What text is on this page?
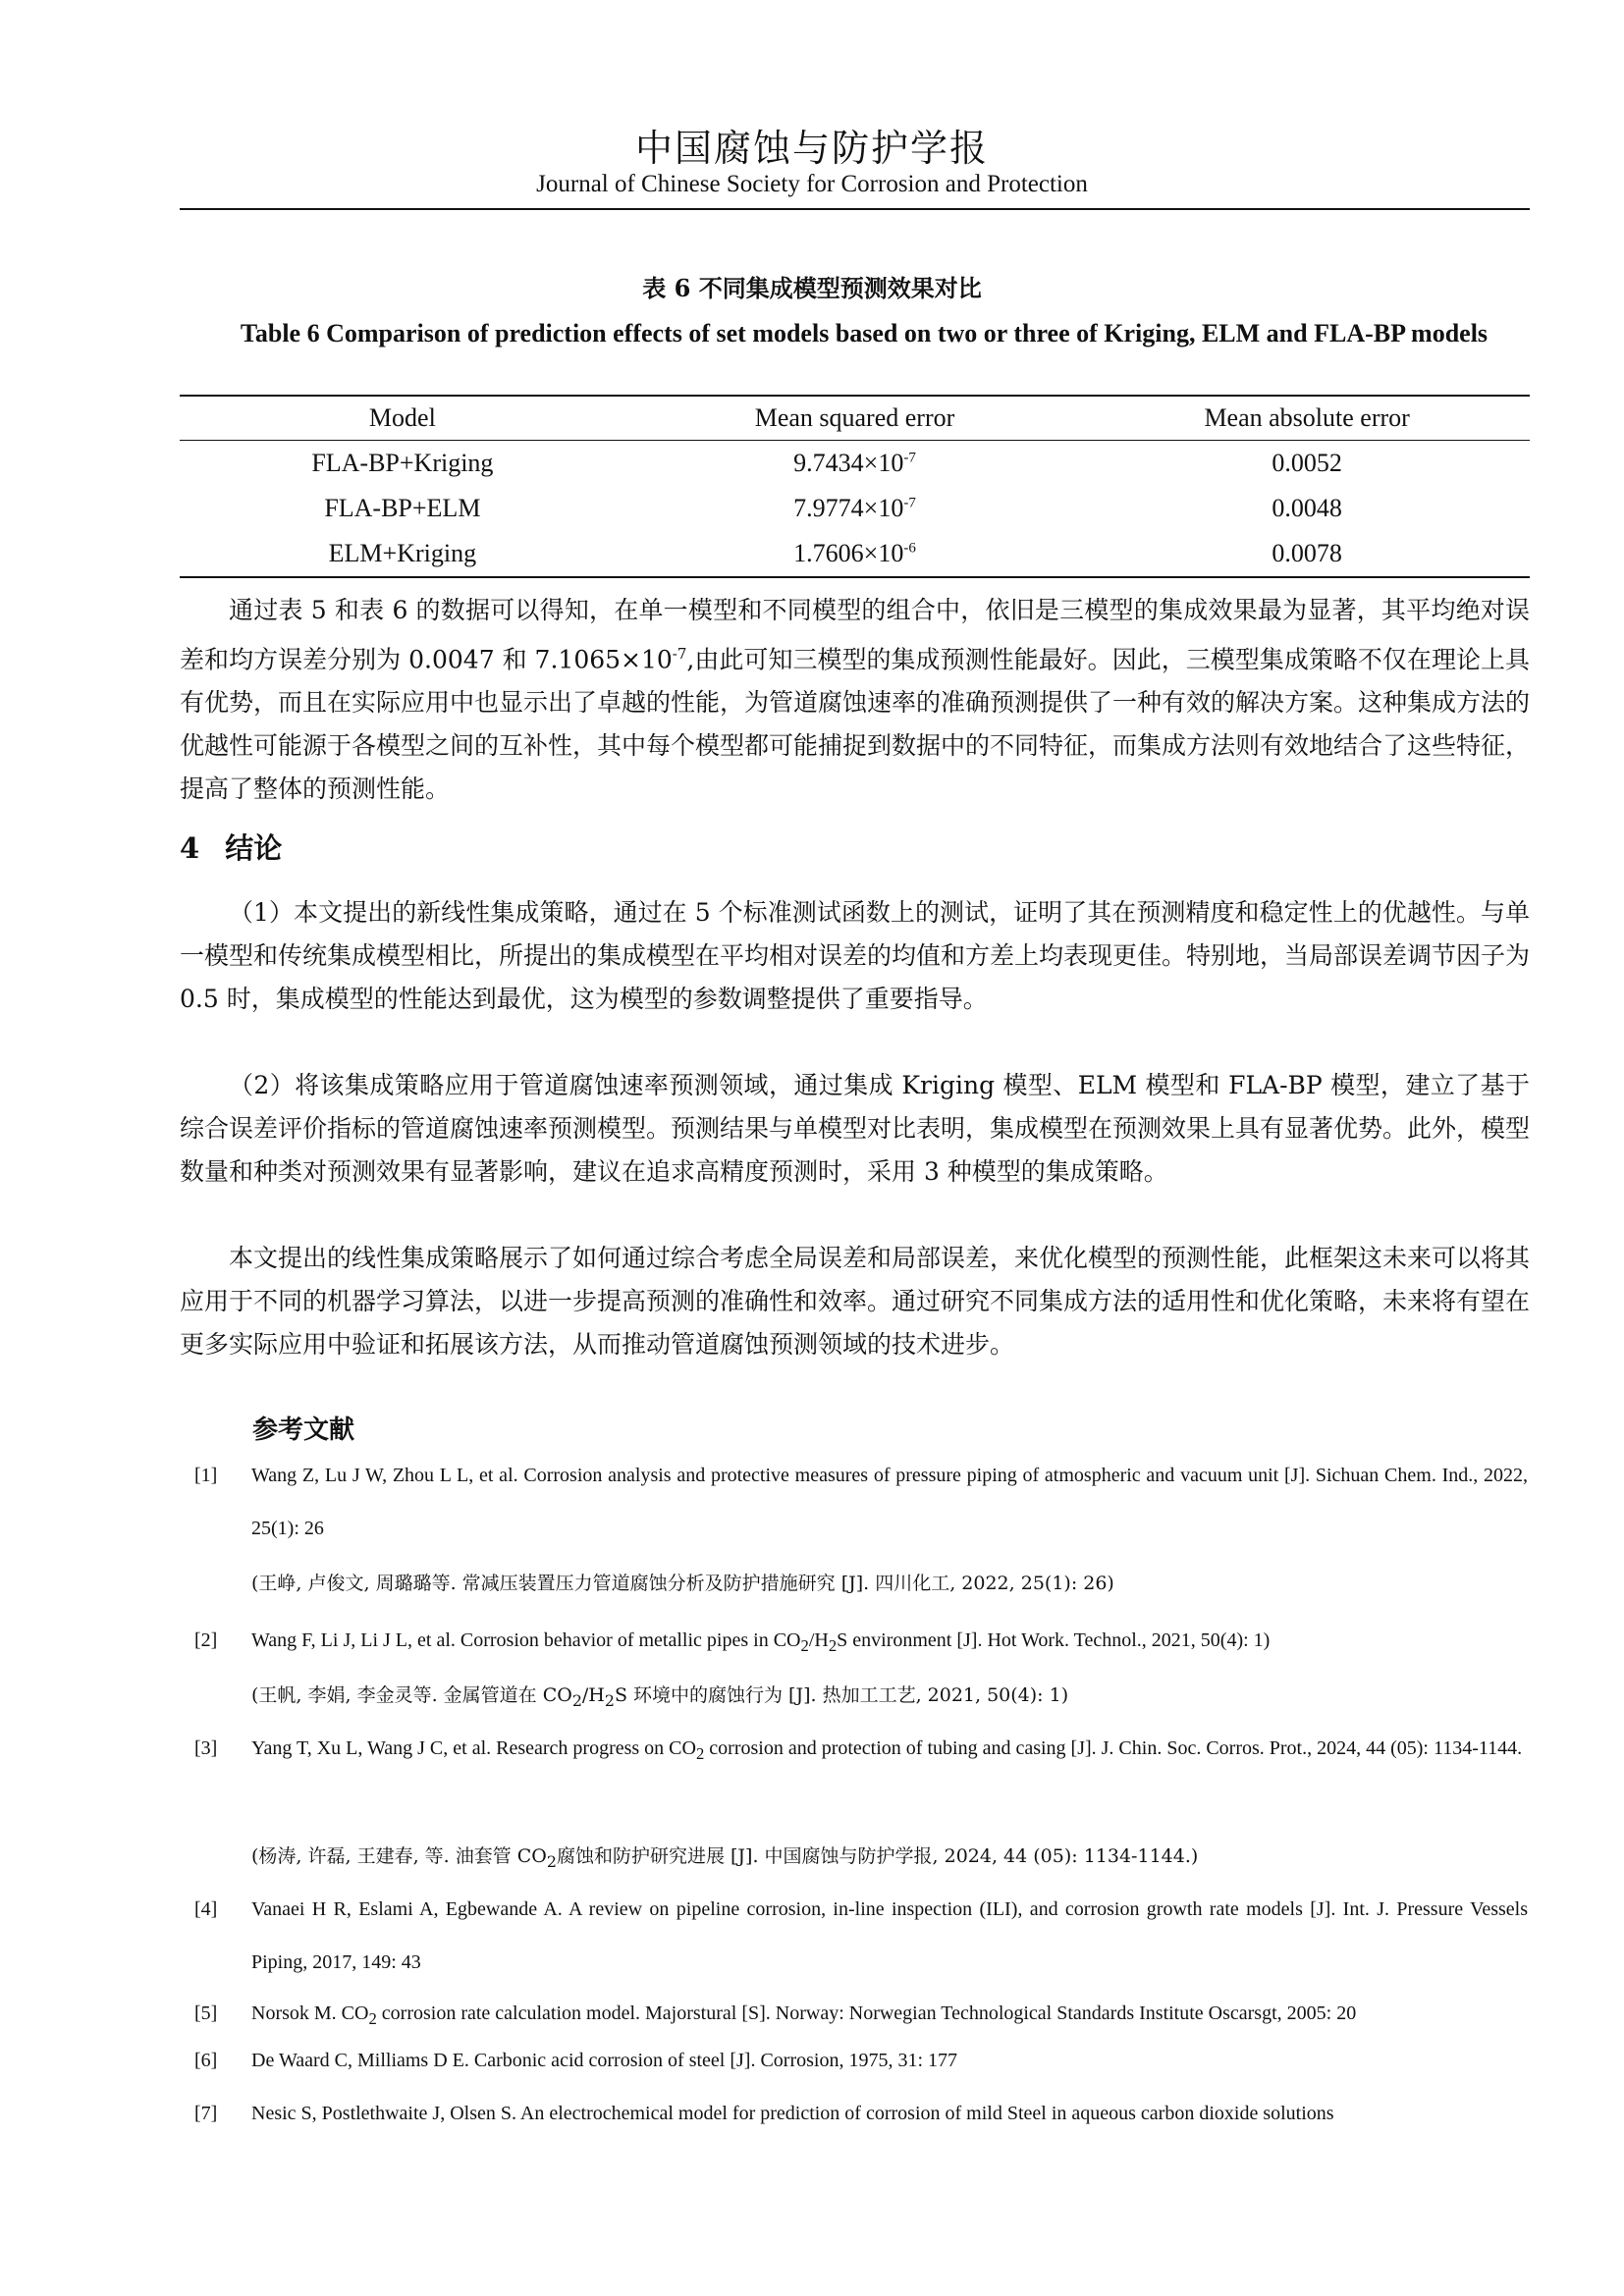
中国腐蚀与防护学报
Journal of Chinese Society for Corrosion and Protection
表 6 不同集成模型预测效果对比
Table 6 Comparison of prediction effects of set models based on two or three of Kriging, ELM and FLA-BP models
Model	Mean squared error	Mean absolute error
FLA-BP+Kriging	$9.7434\times 10^{-7}$	0.0052
FLA-BP+ELM	$7.9774\times 10^{-7}$	0.0048
ELM+Kriging	$1.7606\times 10^{-6}$	0.0078
通过表 5 和表 6 的数据可以得知，在单一模型和不同模型的组合中，依旧是三模型的集成效果最为显著，其平均绝对误差和均方误差分别为 0.0047 和 $7.1065\times 10^{-7}$,由此可知三模型的集成预测性能最好。因此，三模型集成策略不仅在理论上具有优势，而且在实际应用中也显示出了卓越的性能，为管道腐蚀速率的准确预测提供了一种有效的解决方案。这种集成方法的优越性可能源于各模型之间的互补性，其中每个模型都可能捕捉到数据中的不同特征，而集成方法则有效地结合了这些特征，提高了整体的预测性能。
4 结论
（1）本文提出的新线性集成策略，通过在 5 个标准测试函数上的测试，证明了其在预测精度和稳定性上的优越性。与单一模型和传统集成模型相比，所提出的集成模型在平均相对误差的均值和方差上均表现更佳。特别地，当局部误差调节因子为 0.5 时，集成模型的性能达到最优，这为模型的参数调整提供了重要指导。
（2）将该集成策略应用于管道腐蚀速率预测领域，通过集成 Kriging 模型、ELM 模型和 FLA-BP 模型，建立了基于综合误差评价指标的管道腐蚀速率预测模型。预测结果与单模型对比表明，集成模型在预测效果上具有显著优势。此外，模型数量和种类对预测效果有显著影响，建议在追求高精度预测时，采用 3 种模型的集成策略。
本文提出的线性集成策略展示了如何通过综合考虑全局误差和局部误差，来优化模型的预测性能，此框架这未来可以将其应用于不同的机器学习算法，以进一步提高预测的准确性和效率。通过研究不同集成方法的适用性和优化策略，未来将有望在更多实际应用中验证和拓展该方法，从而推动管道腐蚀预测领域的技术进步。
参考文献
[1] Wang Z, Lu J W, Zhou L L, et al. Corrosion analysis and protective measures of pressure piping of atmospheric and vacuum unit [J]. Sichuan Chem. Ind., 2022, 25(1): 26
(王峥, 卢俊文, 周璐璐等. 常减压装置压力管道腐蚀分析及防护措施研究 [J]. 四川化工, 2022, 25(1): 26)
[2] Wang F, Li J, Li J L, et al. Corrosion behavior of metallic pipes in $CO_2/H_2S$ environment [J]. Hot Work. Technol., 2021, 50(4): 1)
(王帆, 李娟, 李金灵等. 金属管道在 $CO_2/H_2S$ 环境中的腐蚀行为 [J]. 热加工工艺, 2021, 50(4): 1)
[3] Yang T, Xu L, Wang J C, et al. Research progress on $CO_2$ corrosion and protection of tubing and casing [J]. J. Chin. Soc. Corros. Prot., 2024, 44 (05): 1134-1144.
(杨涛, 许磊, 王建春, 等. 油套管 $CO_2$腐蚀和防护研究进展 [J]. 中国腐蚀与防护学报, 2024, 44 (05): 1134-1144.)
[4] Vanaei H R, Eslami A, Egbewande A. A review on pipeline corrosion, in-line inspection (ILI), and corrosion growth rate models [J]. Int. J. Pressure Vessels Piping, 2017, 149: 43
[5] Norsok M. $CO_2$ corrosion rate calculation model. Majorstural [S]. Norway: Norwegian Technological Standards Institute Oscarsgt, 2005: 20
[6] De Waard C, Milliams D E. Carbonic acid corrosion of steel [J]. Corrosion, 1975, 31: 177
[7] Nesic S, Postlethwaite J, Olsen S. An electrochemical model for prediction of corrosion of mild Steel in aqueous carbon dioxide solutions
